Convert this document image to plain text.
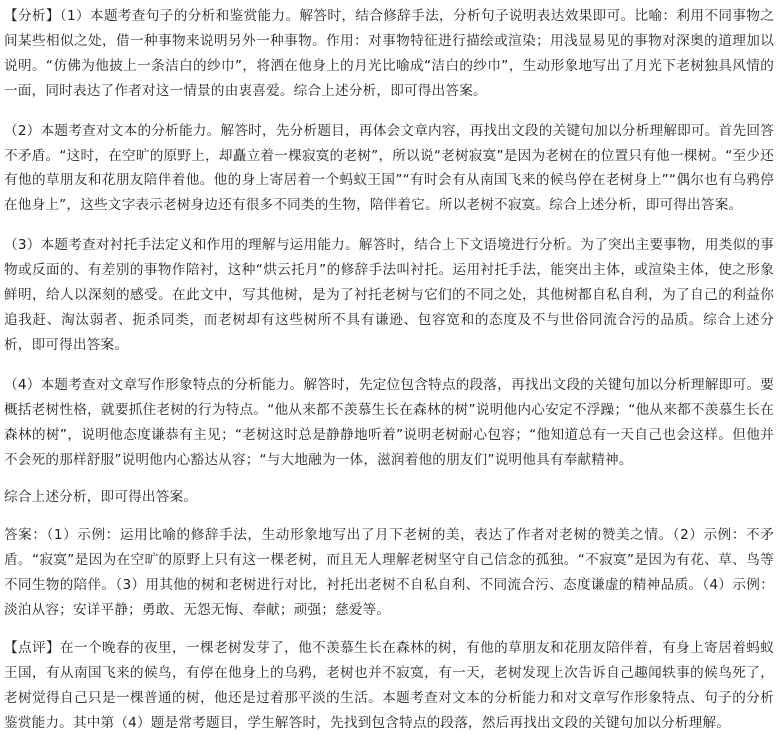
【分析】（1）本题考查句子的分析和鉴赏能力。解答时，结合修辞手法，分析句子说明表达效果即可。比喻：利用不同事物之间某些相似之处，借一种事物来说明另外一种事物。作用：对事物特征进行描绘或渲染；用浅显易见的事物对深奥的道理加以说明。“仿佛为他披上一条洁白的纱巾”，将洒在他身上的月光比喻成“洁白的纱巾”，生动形象地写出了月光下老树独具风情的一面，同时表达了作者对这一情景的由衷喜爱。综合上述分析，即可得出答案。

（2）本题考查对文本的分析能力。解答时，先分析题目，再体会文章内容，再找出文段的关键句加以分析理解即可。首先回答不矛盾。“这时，在空旷的原野上，却矗立着一棵寂寞的老树”，所以说“老树寂寞”是因为老树在的位置只有他一棵树。“至少还有他的草朋友和花朋友陪伴着他。他的身上寄居着一个蚂蚁王国”“有时会有从南国飞来的候鸟停在老树身上”“偶尔也有乌鸦停在他身上”，这些文字表示老树身边还有很多不同类的生物，陪伴着它。所以老树不寂寞。综合上述分析，即可得出答案。

（3）本题考查对衬托手法定义和作用的理解与运用能力。解答时，结合上下文语境进行分析。为了突出主要事物，用类似的事物或反面的、有差别的事物作陪衬，这种“烘云托月”的修辞手法叫衬托。运用衬托手法，能突出主体，或渲染主体，使之形象鲜明，给人以深刻的感受。在此文中，写其他树，是为了衬托老树与它们的不同之处，其他树都自私自利，为了自己的利益你追我赶、淘汰弱者、扼杀同类，而老树却有这些树所不具有谦逊、包容宽和的态度及不与世俗同流合污的品质。综合上述分析，即可得出答案。

（4）本题考查对文章写作形象特点的分析能力。解答时，先定位包含特点的段落，再找出文段的关键句加以分析理解即可。要概括老树性格，就要抓住老树的行为特点。“他从来都不羡慕生长在森林的树”说明他内心安定不浮躁；“他从来都不羡慕生长在森林的树”，说明他态度谦恭有主见；“老树这时总是静静地听着”说明老树耐心包容；“他知道总有一天自己也会这样。但他并不会死的那样舒服”说明他内心豁达从容；“与大地融为一体，滋润着他的朋友们”说明他具有奉献精神。

综合上述分析，即可得出答案。

答案：（1）示例：运用比喻的修辞手法，生动形象地写出了月下老树的美，表达了作者对老树的赞美之情。（2）示例：不矛盾。“寂寞”是因为在空旷的原野上只有这一棵老树，而且无人理解老树坚守自己信念的孤独。“不寂寞”是因为有花、草、鸟等不同生物的陪伴。（3）用其他的树和老树进行对比，衬托出老树不自私自利、不同流合污、态度谦虚的精神品质。（4）示例：淡泊从容；安详平静；勇敢、无怨无悔、奉献；顽强；慈爱等。

【点评】在一个晚春的夜里，一棵老树发芽了，他不羡慕生长在森林的树，有他的草朋友和花朋友陪伴着，有身上寄居着蚂蚁王国，有从南国飞来的候鸟，有停在他身上的乌鸦，老树也并不寂寞，有一天，老树发现上次告诉自己趣闻轶事的候鸟死了，老树觉得自己只是一棵普通的树，他还是过着那平淡的生活。本题考查对文本的分析能力和对文章写作形象特点、句子的分析鉴赏能力。其中第（4）题是常考题目，学生解答时，先找到包含特点的段落，然后再找出文段的关键句加以分析理解。
